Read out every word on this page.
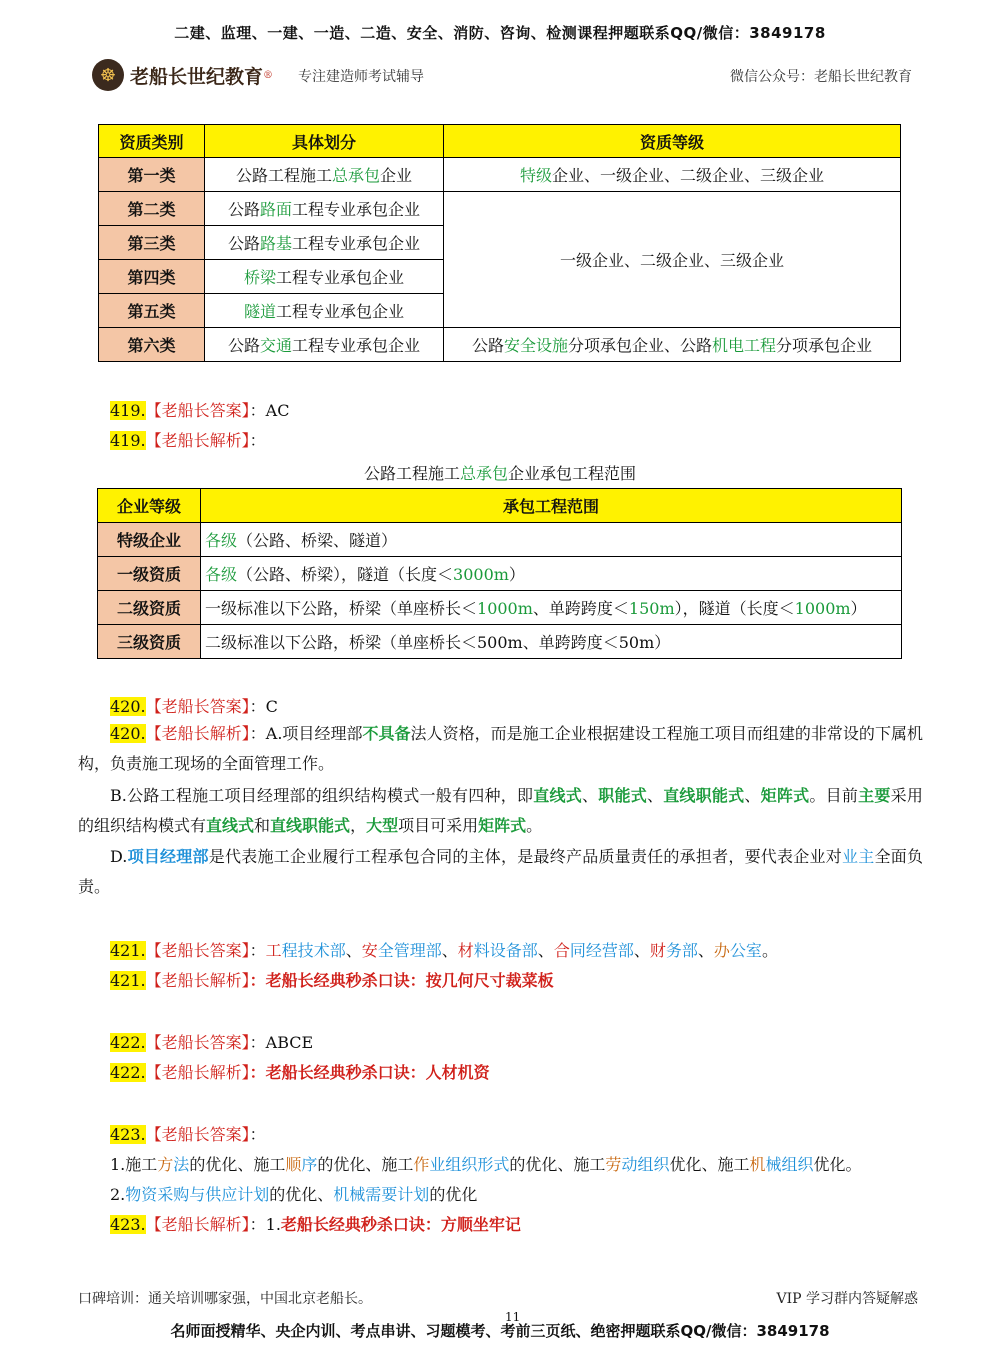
二建、监理、一建、一造、二造、安全、消防、咨询、检测课程押题联系QQ/微信：3849178
☸ 老船长世纪教育 ® 专注建造师考试辅导	微信公众号：老船长世纪教育
资质类别	具体划分	资质等级
第一类	公路工程施工总承包企业	特级企业、一级企业、二级企业、三级企业
第二类	公路路面工程专业承包企业	一级企业、二级企业、三级企业
第三类	公路路基工程专业承包企业	
第四类	桥梁工程专业承包企业	
第五类	隧道工程专业承包企业	
第六类	公路交通工程专业承包企业	公路安全设施分项承包企业、公路机电工程分项承包企业
419.【老船长答案】：AC
419.【老船长解析】：
公路工程施工总承包企业承包工程范围
企业等级	承包工程范围
特级企业	各级（公路、桥梁、隧道）
一级资质	各级（公路、桥梁），隧道（长度＜3000m）
二级资质	一级标准以下公路，桥梁（单座桥长＜1000m、单跨跨度＜150m），隧道（长度＜1000m）
三级资质	二级标准以下公路，桥梁（单座桥长＜500m、单跨跨度＜50m）
420.【老船长答案】：C
420.【老船长解析】：A.项目经理部不具备法人资格，而是施工企业根据建设工程施工项目而组建的非常设的下属机构，负责施工现场的全面管理工作。
B.公路工程施工项目经理部的组织结构模式一般有四种，即直线式、职能式、直线职能式、矩阵式。目前主要采用的组织结构模式有直线式和直线职能式，大型项目可采用矩阵式。
D.项目经理部是代表施工企业履行工程承包合同的主体，是最终产品质量责任的承担者，要代表企业对业主全面负责。
421.【老船长答案】：工程技术部、安全管理部、材料设备部、合同经营部、财务部、办公室。
421.【老船长解析】：老船长经典秒杀口诀：按几何尺寸裁菜板
422.【老船长答案】：ABCE
422.【老船长解析】：老船长经典秒杀口诀：人材机资
423.【老船长答案】：
1.施工方法的优化、施工顺序的优化、施工作业组织形式的优化、施工劳动组织优化、施工机械组织优化。
2.物资采购与供应计划的优化、机械需要计划的优化
423.【老船长解析】：1.老船长经典秒杀口诀：方顺坐牢记
口碑培训：通关培训哪家强，中国北京老船长。	VIP 学习群内答疑解惑
11
名师面授精华、央企内训、考点串讲、习题模考、考前三页纸、绝密押题联系QQ/微信：3849178
